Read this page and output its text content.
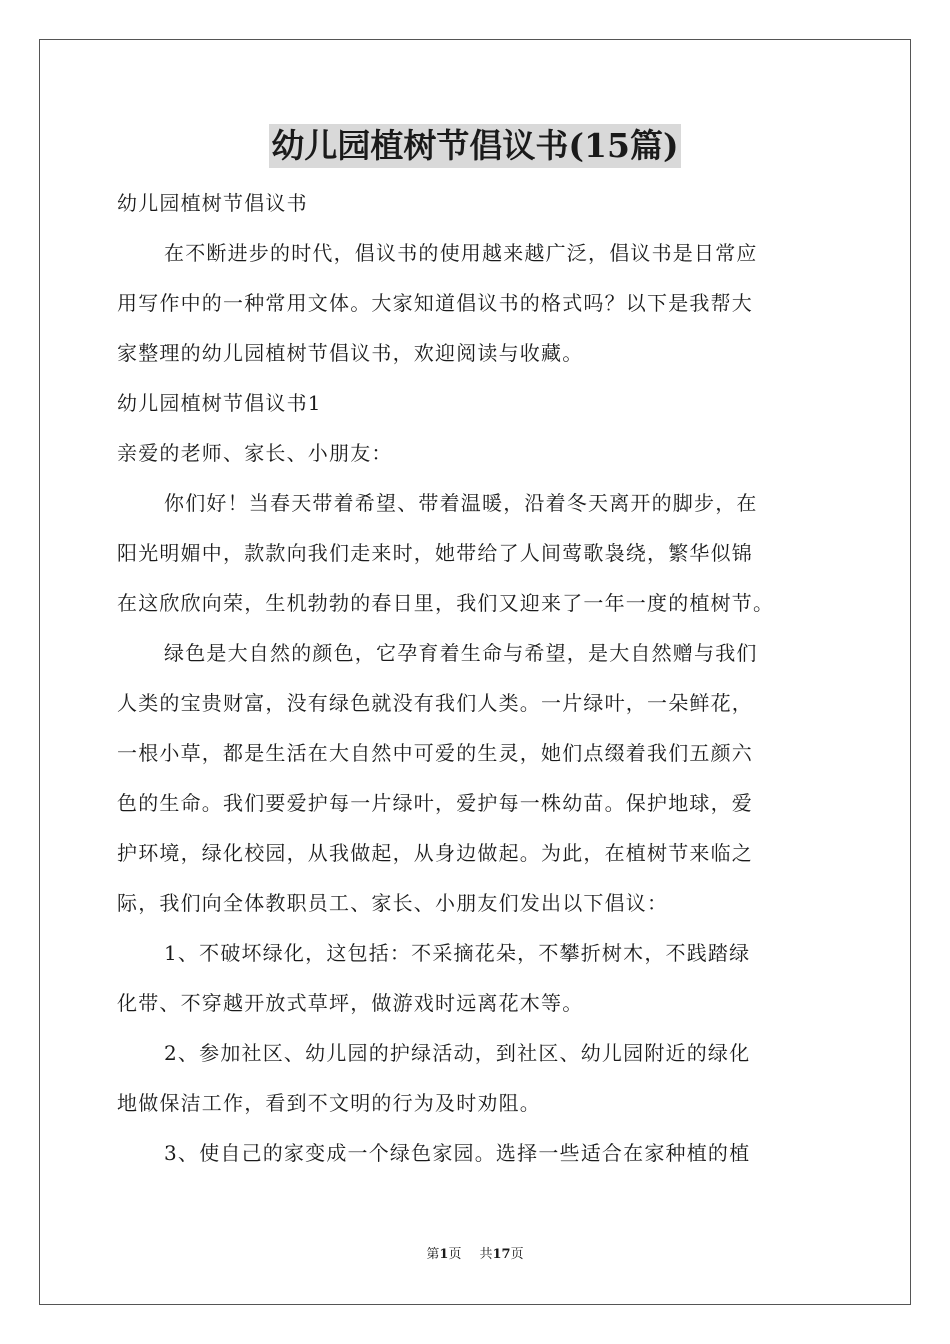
幼儿园植树节倡议书(15篇)
幼儿园植树节倡议书
在不断进步的时代，倡议书的使用越来越广泛，倡议书是日常应
用写作中的一种常用文体。大家知道倡议书的格式吗？以下是我帮大
家整理的幼儿园植树节倡议书，欢迎阅读与收藏。
幼儿园植树节倡议书1
亲爱的老师、家长、小朋友：
你们好！当春天带着希望、带着温暖，沿着冬天离开的脚步，在
阳光明媚中，款款向我们走来时，她带给了人间莺歌袅绕，繁华似锦
在这欣欣向荣，生机勃勃的春日里，我们又迎来了一年一度的植树节。
绿色是大自然的颜色，它孕育着生命与希望，是大自然赠与我们
人类的宝贵财富，没有绿色就没有我们人类。一片绿叶，一朵鲜花，
一根小草，都是生活在大自然中可爱的生灵，她们点缀着我们五颜六
色的生命。我们要爱护每一片绿叶，爱护每一株幼苗。保护地球，爱
护环境，绿化校园，从我做起，从身边做起。为此，在植树节来临之
际，我们向全体教职员工、家长、小朋友们发出以下倡议：
1、不破坏绿化，这包括：不采摘花朵，不攀折树木，不践踏绿
化带、不穿越开放式草坪，做游戏时远离花木等。
2、参加社区、幼儿园的护绿活动，到社区、幼儿园附近的绿化
地做保洁工作，看到不文明的行为及时劝阻。
3、使自己的家变成一个绿色家园。选择一些适合在家种植的植
第1页 共17页
